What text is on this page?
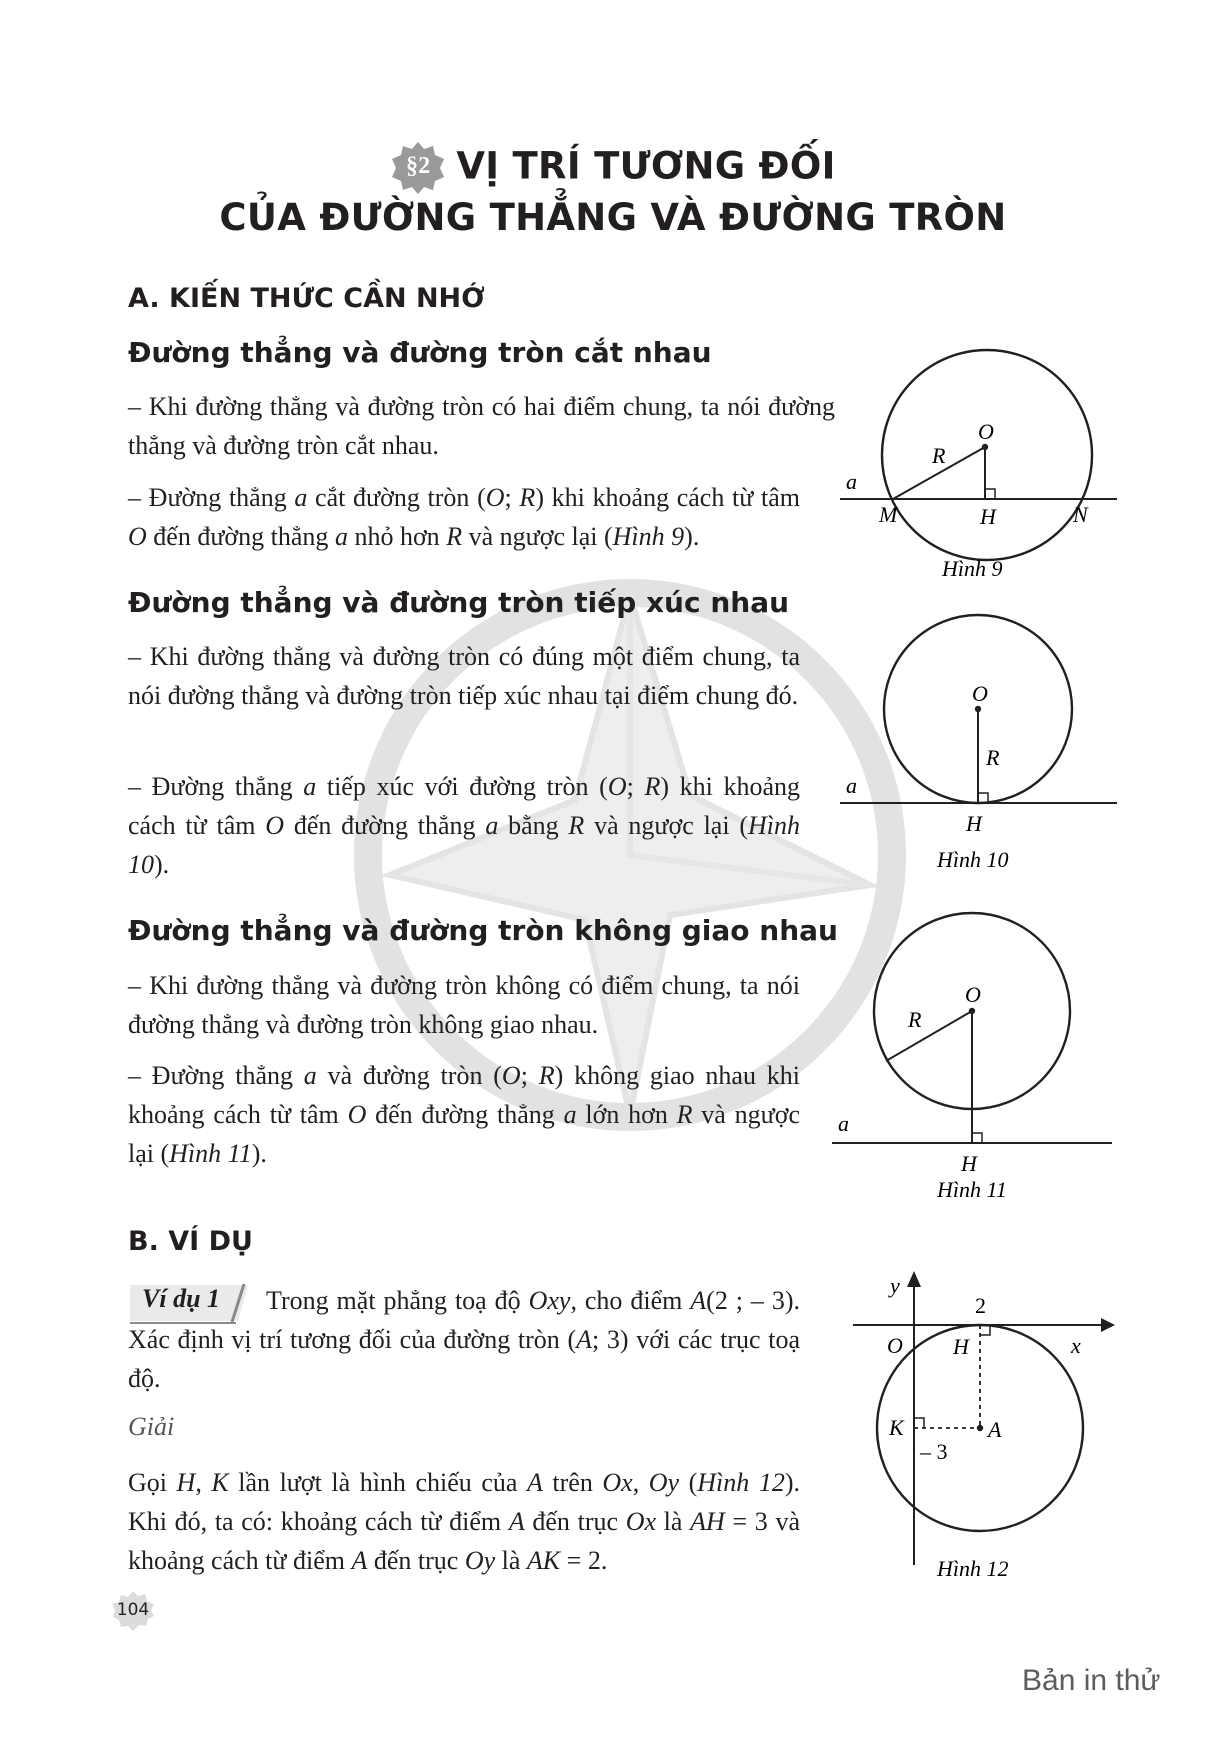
§2 VỊ TRÍ TƯƠNG ĐỐI
CỦA ĐƯỜNG THẲNG VÀ ĐƯỜNG TRÒN
A. KIẾN THỨC CẦN NHỚ
Đường thẳng và đường tròn cắt nhau
– Khi đường thẳng và đường tròn có hai điểm chung, ta nói đường thẳng và đường tròn cắt nhau.
– Đường thẳng a cắt đường tròn (O; R) khi khoảng cách từ tâm O đến đường thẳng a nhỏ hơn R và ngược lại (Hình 9).
Đường thẳng và đường tròn tiếp xúc nhau
– Khi đường thẳng và đường tròn có đúng một điểm chung, ta nói đường thẳng và đường tròn tiếp xúc nhau tại điểm chung đó.
– Đường thẳng a tiếp xúc với đường tròn (O; R) khi khoảng cách từ tâm O đến đường thẳng a bằng R và ngược lại (Hình 10).
Đường thẳng và đường tròn không giao nhau
– Khi đường thẳng và đường tròn không có điểm chung, ta nói đường thẳng và đường tròn không giao nhau.
– Đường thẳng a và đường tròn (O; R) không giao nhau khi khoảng cách từ tâm O đến đường thẳng a lớn hơn R và ngược lại (Hình 11).
B. VÍ DỤ
Ví dụ 1	Trong mặt phẳng toạ độ Oxy, cho điểm A(2 ; – 3). Xác định vị trí tương đối của đường tròn (A; 3) với các trục toạ độ.
Giải
Gọi H, K lần lượt là hình chiếu của A trên Ox, Oy (Hình 12). Khi đó, ta có: khoảng cách từ điểm A đến trục Ox là AH = 3 và khoảng cách từ điểm A đến trục Oy là AK = 2.
O
R
a
M	H	N
Hình 9
O
R
a
H
Hình 10
O
R
a
H
Hình 11
y
2
O H	x
K	A
– 3
Hình 12
104
Bản in thử
